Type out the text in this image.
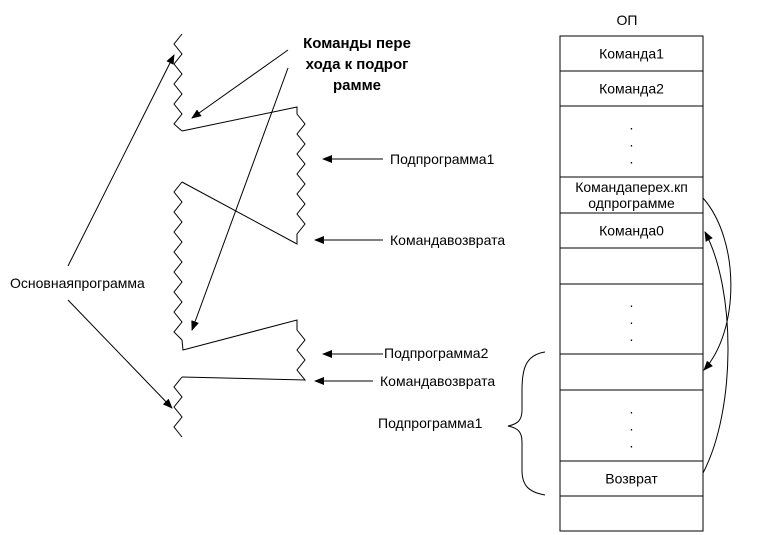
Команды пере
хода к подрог
рамме
Подпрограмма1
Командавозврата
Основнаяпрограмма
Подпрограмма2
Командавозврата
Подпрограмма1
ОП
Команда1
Команда2
.
.
.
Командапереx.кп
одпрограмме
Команда0
.
.
.
.
.
.
Возврат
